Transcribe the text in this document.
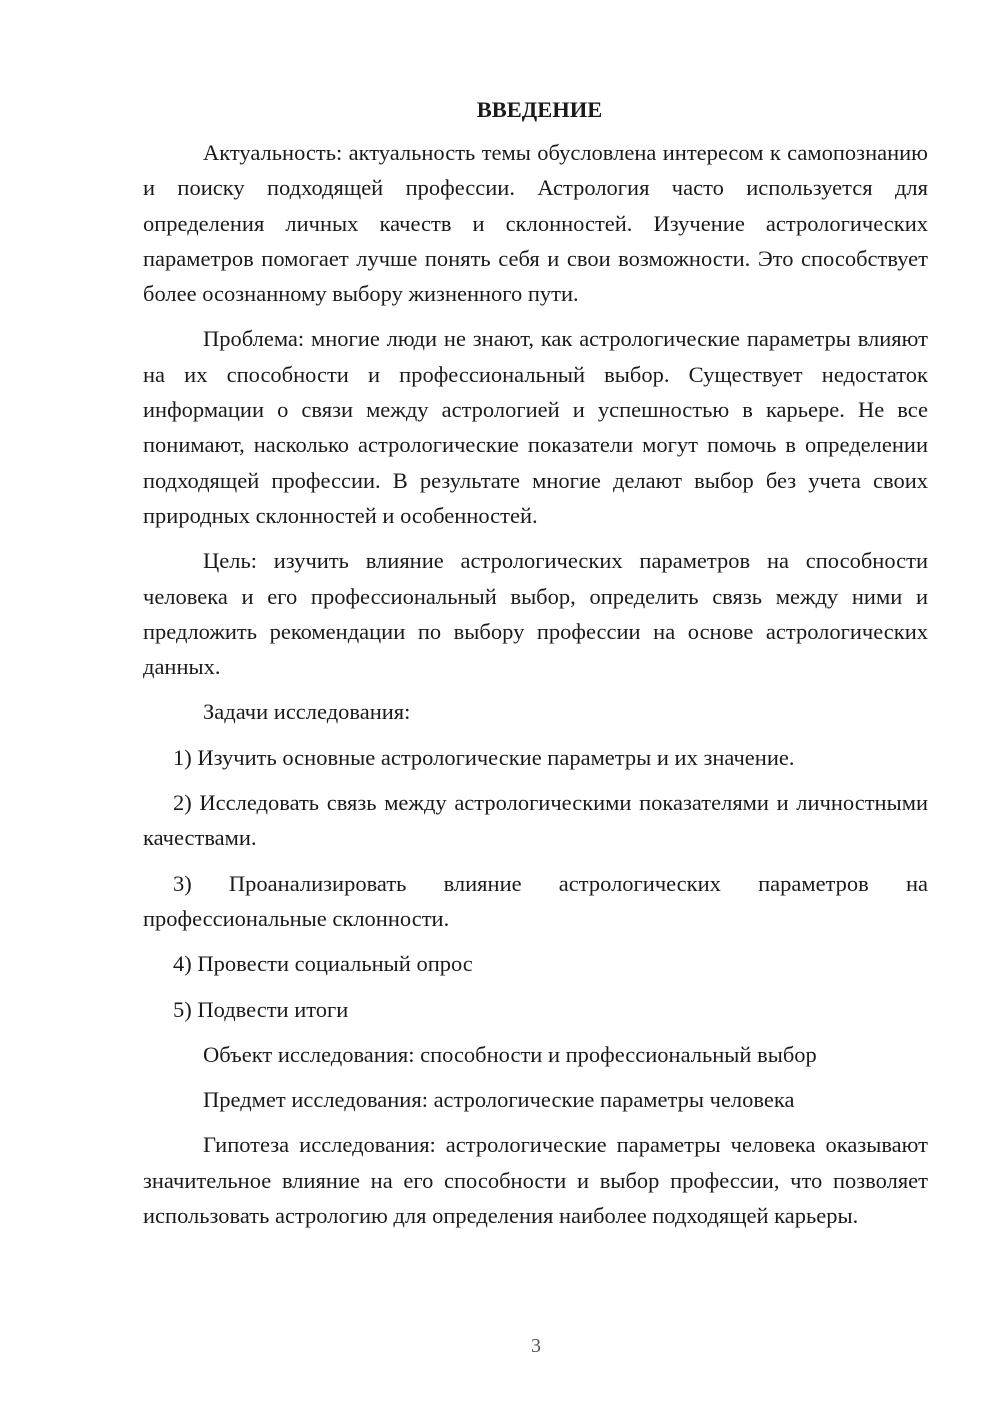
ВВЕДЕНИЕ

Актуальность: актуальность темы обусловлена интересом к самопознанию и поиску подходящей профессии. Астрология часто используется для определения личных качеств и склонностей. Изучение астрологических параметров помогает лучше понять себя и свои возможности. Это способствует более осознанному выбору жизненного пути.

Проблема: многие люди не знают, как астрологические параметры влияют на их способности и профессиональный выбор. Существует недостаток информации о связи между астрологией и успешностью в карьере. Не все понимают, насколько астрологические показатели могут помочь в определении подходящей профессии. В результате многие делают выбор без учета своих природных склонностей и особенностей.

Цель: изучить влияние астрологических параметров на способности человека и его профессиональный выбор, определить связь между ними и предложить рекомендации по выбору профессии на основе астрологических данных.

Задачи исследования:

1) Изучить основные астрологические параметры и их значение.

2) Исследовать связь между астрологическими показателями и личностными качествами.

3) Проанализировать влияние астрологических параметров на профессиональные склонности.

4) Провести социальный опрос

5) Подвести итоги

Объект исследования: способности и профессиональный выбор

Предмет исследования: астрологические параметры человека

Гипотеза исследования: астрологические параметры человека оказывают значительное влияние на его способности и выбор профессии, что позволяет использовать астрологию для определения наиболее подходящей карьеры.

3
